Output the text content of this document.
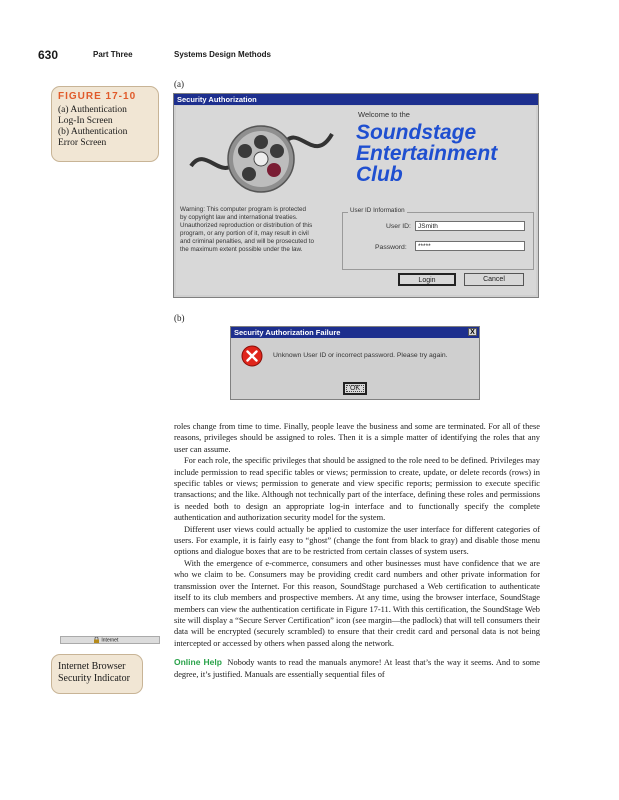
630	Part Three	Systems Design Methods
FIGURE 17-10
(a) Authentication
Log-In Screen
(b) Authentication
Error Screen
(a)
Security Authorization
Welcome to the
Soundstage
Entertainment
Club
Warning: This computer program is protected
by copyright law and international treaties.
Unauthorized reproduction or distribution of this
program, or any portion of it, may result in civil
and criminal penalties, and will be prosecuted to
the maximum extent possible under the law.
User ID Information
User ID:	JSmith
Password:	*****
Login	Cancel
(b)
Security Authorization Failure	X
Unknown User ID or incorrect password. Please try again.
OK

roles change from time to time. Finally, people leave the business and some are terminated. For all of these reasons, privileges should be assigned to roles. Then it is a simple matter of identifying the roles that any user can assume.

For each role, the specific privileges that should be assigned to the role need to be defined. Privileges may include permission to read specific tables or views; permission to create, update, or delete records (rows) in specific tables or views; permission to generate and view specific reports; permission to execute specific transactions; and the like. Although not technically part of the interface, defining these roles and permissions is needed both to design an appropriate log-in interface and to functionally specify the complete authentication and authorization security model for the system.

Different user views could actually be applied to customize the user interface for different categories of users. For example, it is fairly easy to “ghost” (change the font from black to gray) and disable those menu options and dialogue boxes that are to be restricted from certain classes of system users.

With the emergence of e-commerce, consumers and other businesses must have confidence that we are who we claim to be. Consumers may be providing credit card numbers and other private information for transmission over the Internet. For this reason, SoundStage purchased a Web certification to authenticate itself to its club members and prospective members. At any time, using the browser interface, SoundStage members can view the authentication certificate in Figure 17-11. With this certification, the SoundStage Web site will display a “Secure Server Certification” icon (see margin—the padlock) that will tell consumers their data will be encrypted (securely scrambled) to ensure that their credit card and personal data is not being intercepted or accessed by others when passed along the network.

Online Help Nobody wants to read the manuals anymore! At least that’s the way it seems. And to some degree, it’s justified. Manuals are essentially sequential files of

Internet
Internet Browser
Security Indicator
